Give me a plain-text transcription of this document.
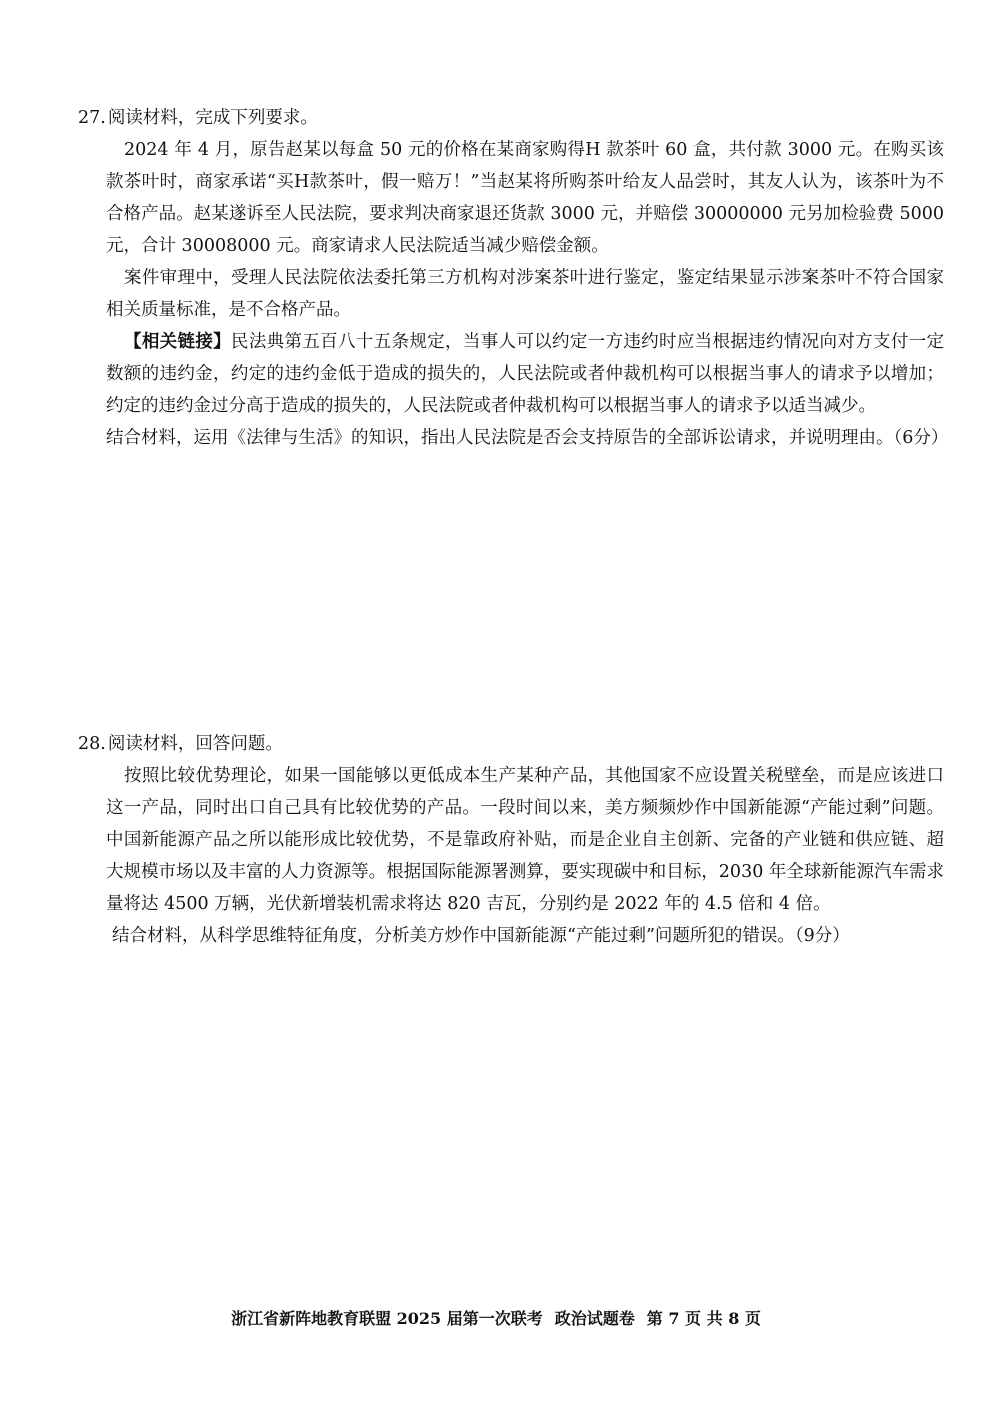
27. 阅读材料，完成下列要求。

2024 年 4 月，原告赵某以每盒 50 元的价格在某商家购得H 款茶叶 60 盒，共付款 3000 元。在购买该款茶叶时，商家承诺“买H款茶叶，假一赔万！”当赵某将所购茶叶给友人品尝时，其友人认为，该茶叶为不合格产品。赵某遂诉至人民法院，要求判决商家退还货款 3000 元，并赔偿 30000000 元另加检验费 5000 元，合计 30008000 元。商家请求人民法院适当减少赔偿金额。

案件审理中，受理人民法院依法委托第三方机构对涉案茶叶进行鉴定，鉴定结果显示涉案茶叶不符合国家相关质量标准，是不合格产品。

【相关链接】民法典第五百八十五条规定，当事人可以约定一方违约时应当根据违约情况向对方支付一定数额的违约金，约定的违约金低于造成的损失的，人民法院或者仲裁机构可以根据当事人的请求予以增加；约定的违约金过分高于造成的损失的，人民法院或者仲裁机构可以根据当事人的请求予以适当减少。

结合材料，运用《法律与生活》的知识，指出人民法院是否会支持原告的全部诉讼请求，并说明理由。（6分）

28. 阅读材料，回答问题。

按照比较优势理论，如果一国能够以更低成本生产某种产品，其他国家不应设置关税壁垒，而是应该进口这一产品，同时出口自己具有比较优势的产品。一段时间以来，美方频频炒作中国新能源“产能过剩”问题。中国新能源产品之所以能形成比较优势，不是靠政府补贴，而是企业自主创新、完备的产业链和供应链、超大规模市场以及丰富的人力资源等。根据国际能源署测算，要实现碳中和目标，2030 年全球新能源汽车需求量将达 4500 万辆，光伏新增装机需求将达 820 吉瓦，分别约是 2022 年的 4.5 倍和 4 倍。

结合材料，从科学思维特征角度，分析美方炒作中国新能源“产能过剩”问题所犯的错误。（9分）

浙江省新阵地教育联盟 2025 届第一次联考 政治试题卷 第 7 页 共 8 页
